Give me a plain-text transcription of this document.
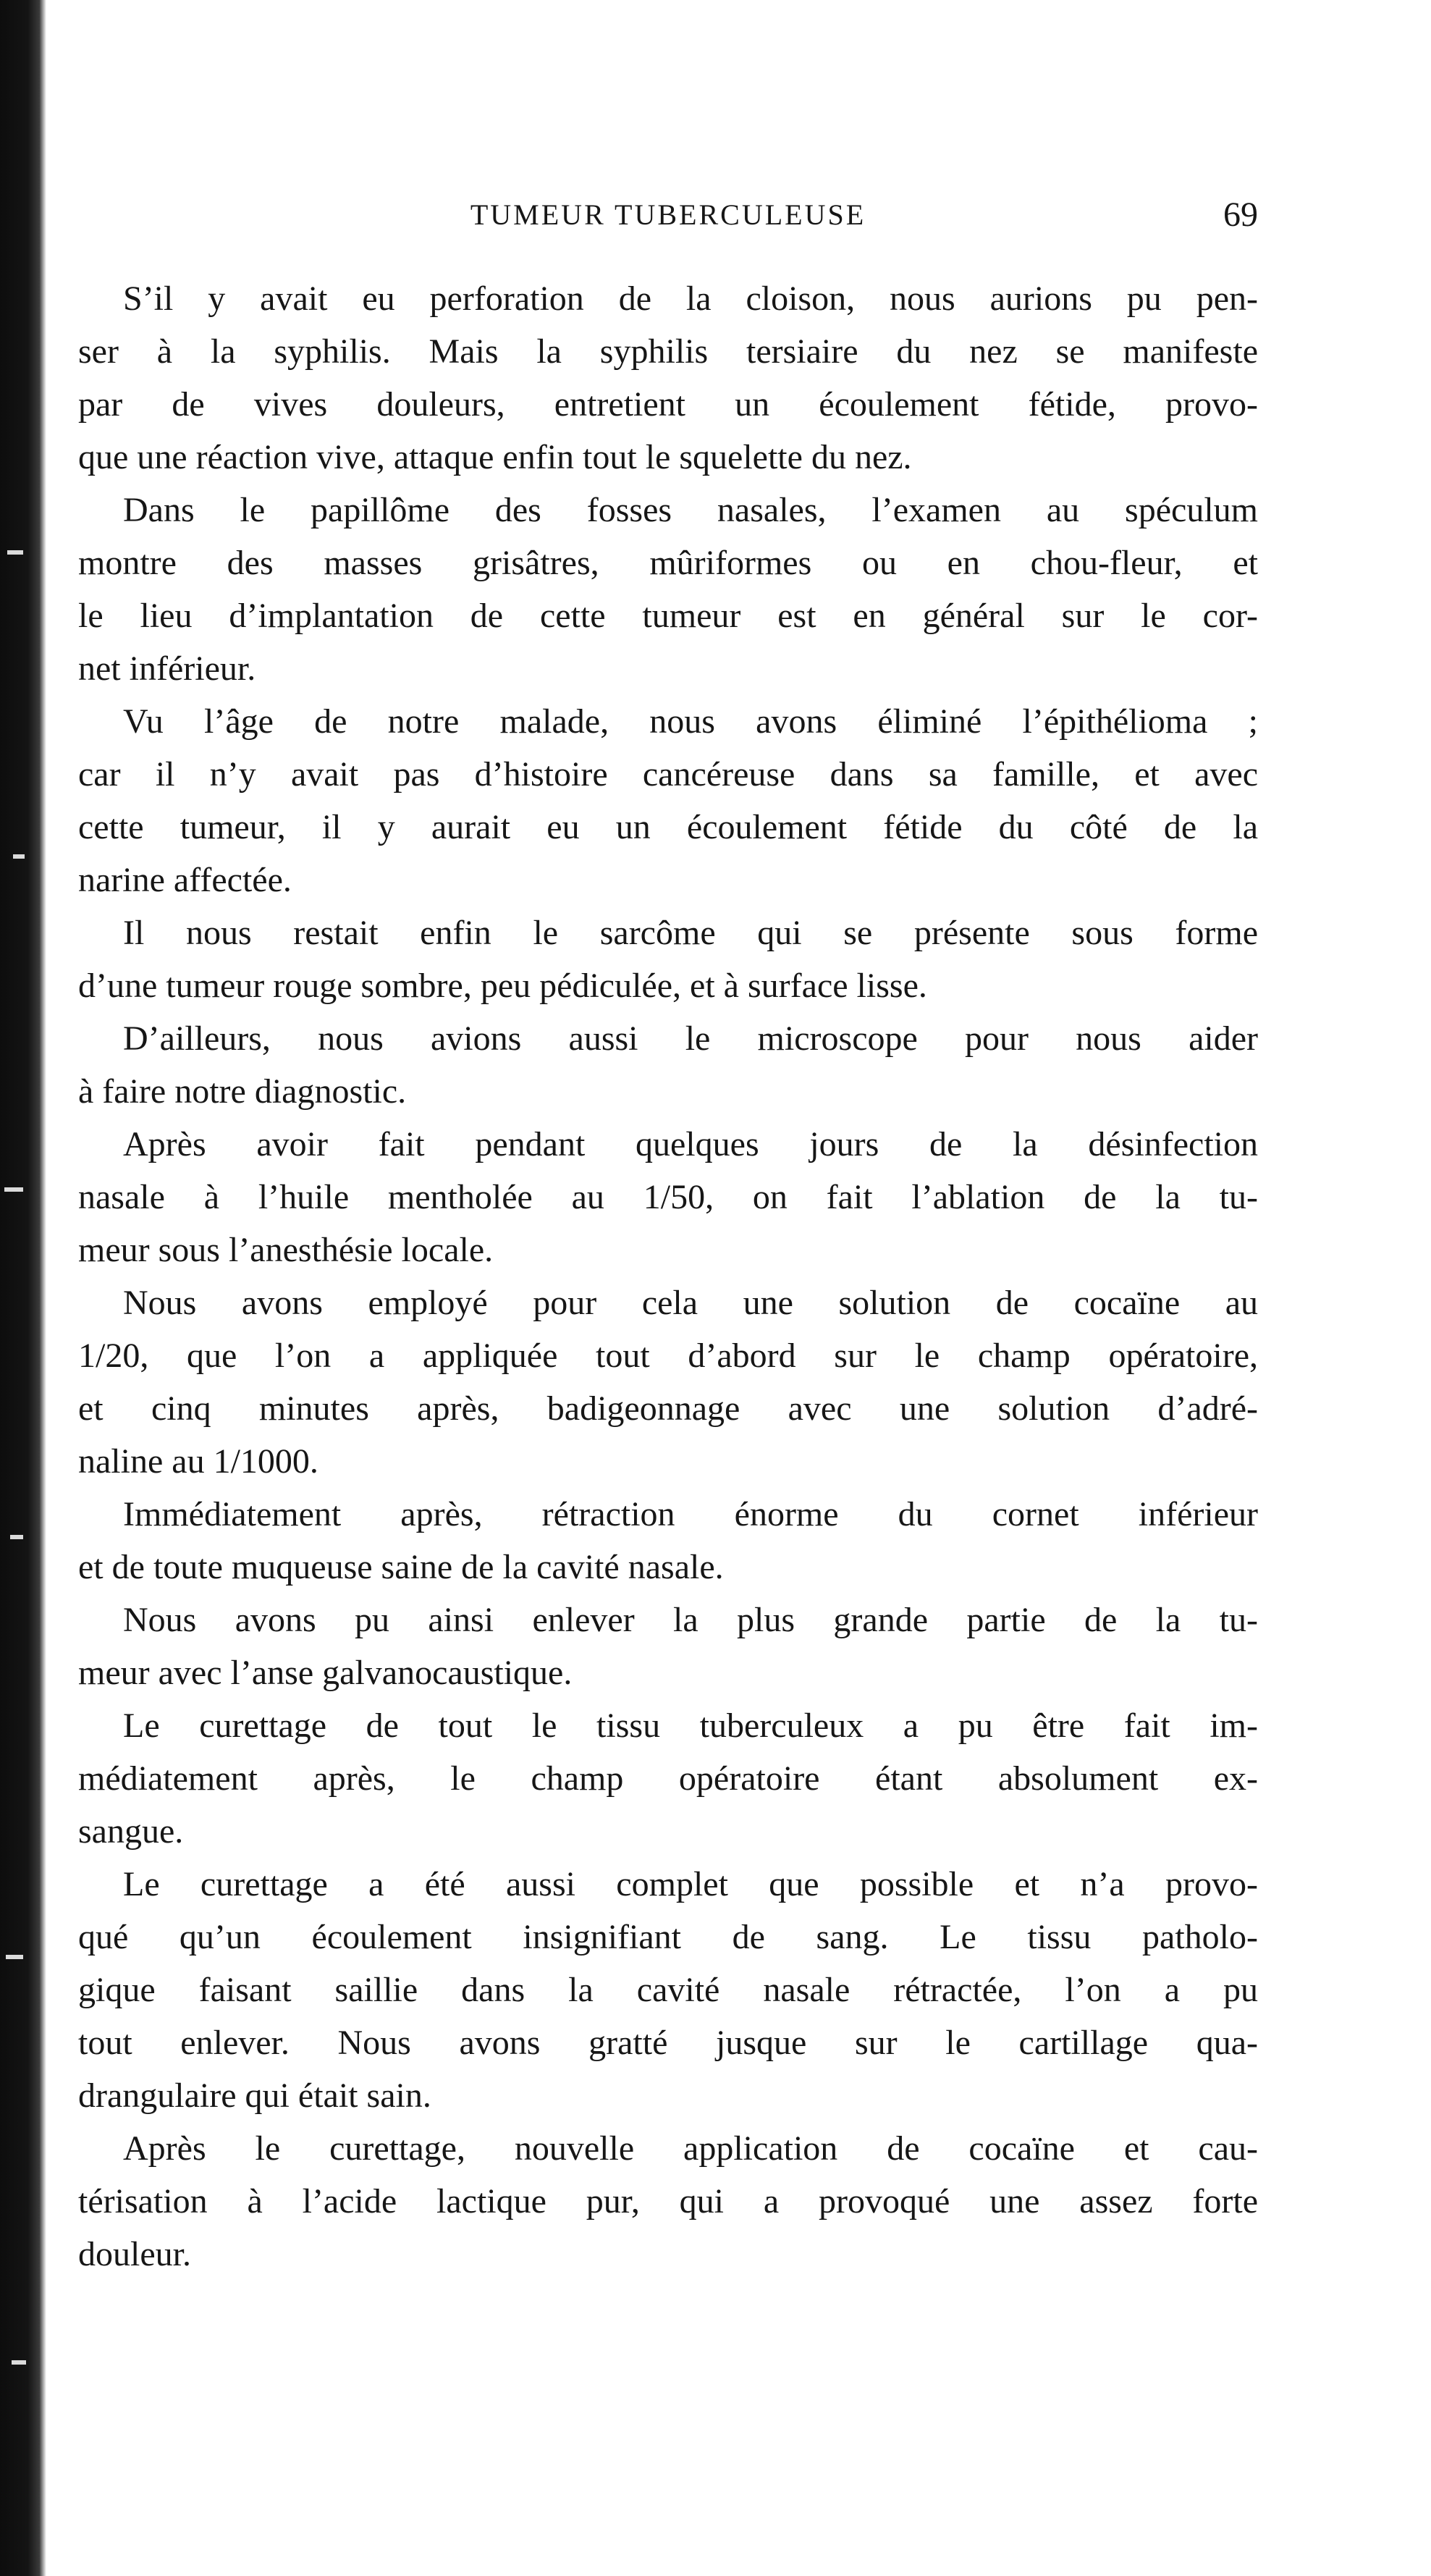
TUMEUR TUBERCULEUSE	69
S’il y avait eu perforation de la cloison, nous aurions pu pen-
ser à la syphilis. Mais la syphilis tersiaire du nez se manifeste
par de vives douleurs, entretient un écoulement fétide, provo-
que une réaction vive, attaque enfin tout le squelette du nez.
Dans le papillôme des fosses nasales, l’examen au spéculum
montre des masses grisâtres, mûriformes ou en chou-fleur, et
le lieu d’implantation de cette tumeur est en général sur le cor-
net inférieur.
Vu l’âge de notre malade, nous avons éliminé l’épithélioma ;
car il n’y avait pas d’histoire cancéreuse dans sa famille, et avec
cette tumeur, il y aurait eu un écoulement fétide du côté de la
narine affectée.
Il nous restait enfin le sarcôme qui se présente sous forme
d’une tumeur rouge sombre, peu pédiculée, et à surface lisse.
D’ailleurs, nous avions aussi le microscope pour nous aider
à faire notre diagnostic.
Après avoir fait pendant quelques jours de la désinfection
nasale à l’huile mentholée au 1/50, on fait l’ablation de la tu-
meur sous l’anesthésie locale.
Nous avons employé pour cela une solution de cocaïne au
1/20, que l’on a appliquée tout d’abord sur le champ opératoire,
et cinq minutes après, badigeonnage avec une solution d’adré-
naline au 1/1000.
Immédiatement après, rétraction énorme du cornet inférieur
et de toute muqueuse saine de la cavité nasale.
Nous avons pu ainsi enlever la plus grande partie de la tu-
meur avec l’anse galvanocaustique.
Le curettage de tout le tissu tuberculeux a pu être fait im-
médiatement après, le champ opératoire étant absolument ex-
sangue.
Le curettage a été aussi complet que possible et n’a provo-
qué qu’un écoulement insignifiant de sang. Le tissu patholo-
gique faisant saillie dans la cavité nasale rétractée, l’on a pu
tout enlever. Nous avons gratté jusque sur le cartillage qua-
drangulaire qui était sain.
Après le curettage, nouvelle application de cocaïne et cau-
térisation à l’acide lactique pur, qui a provoqué une assez forte
douleur.
